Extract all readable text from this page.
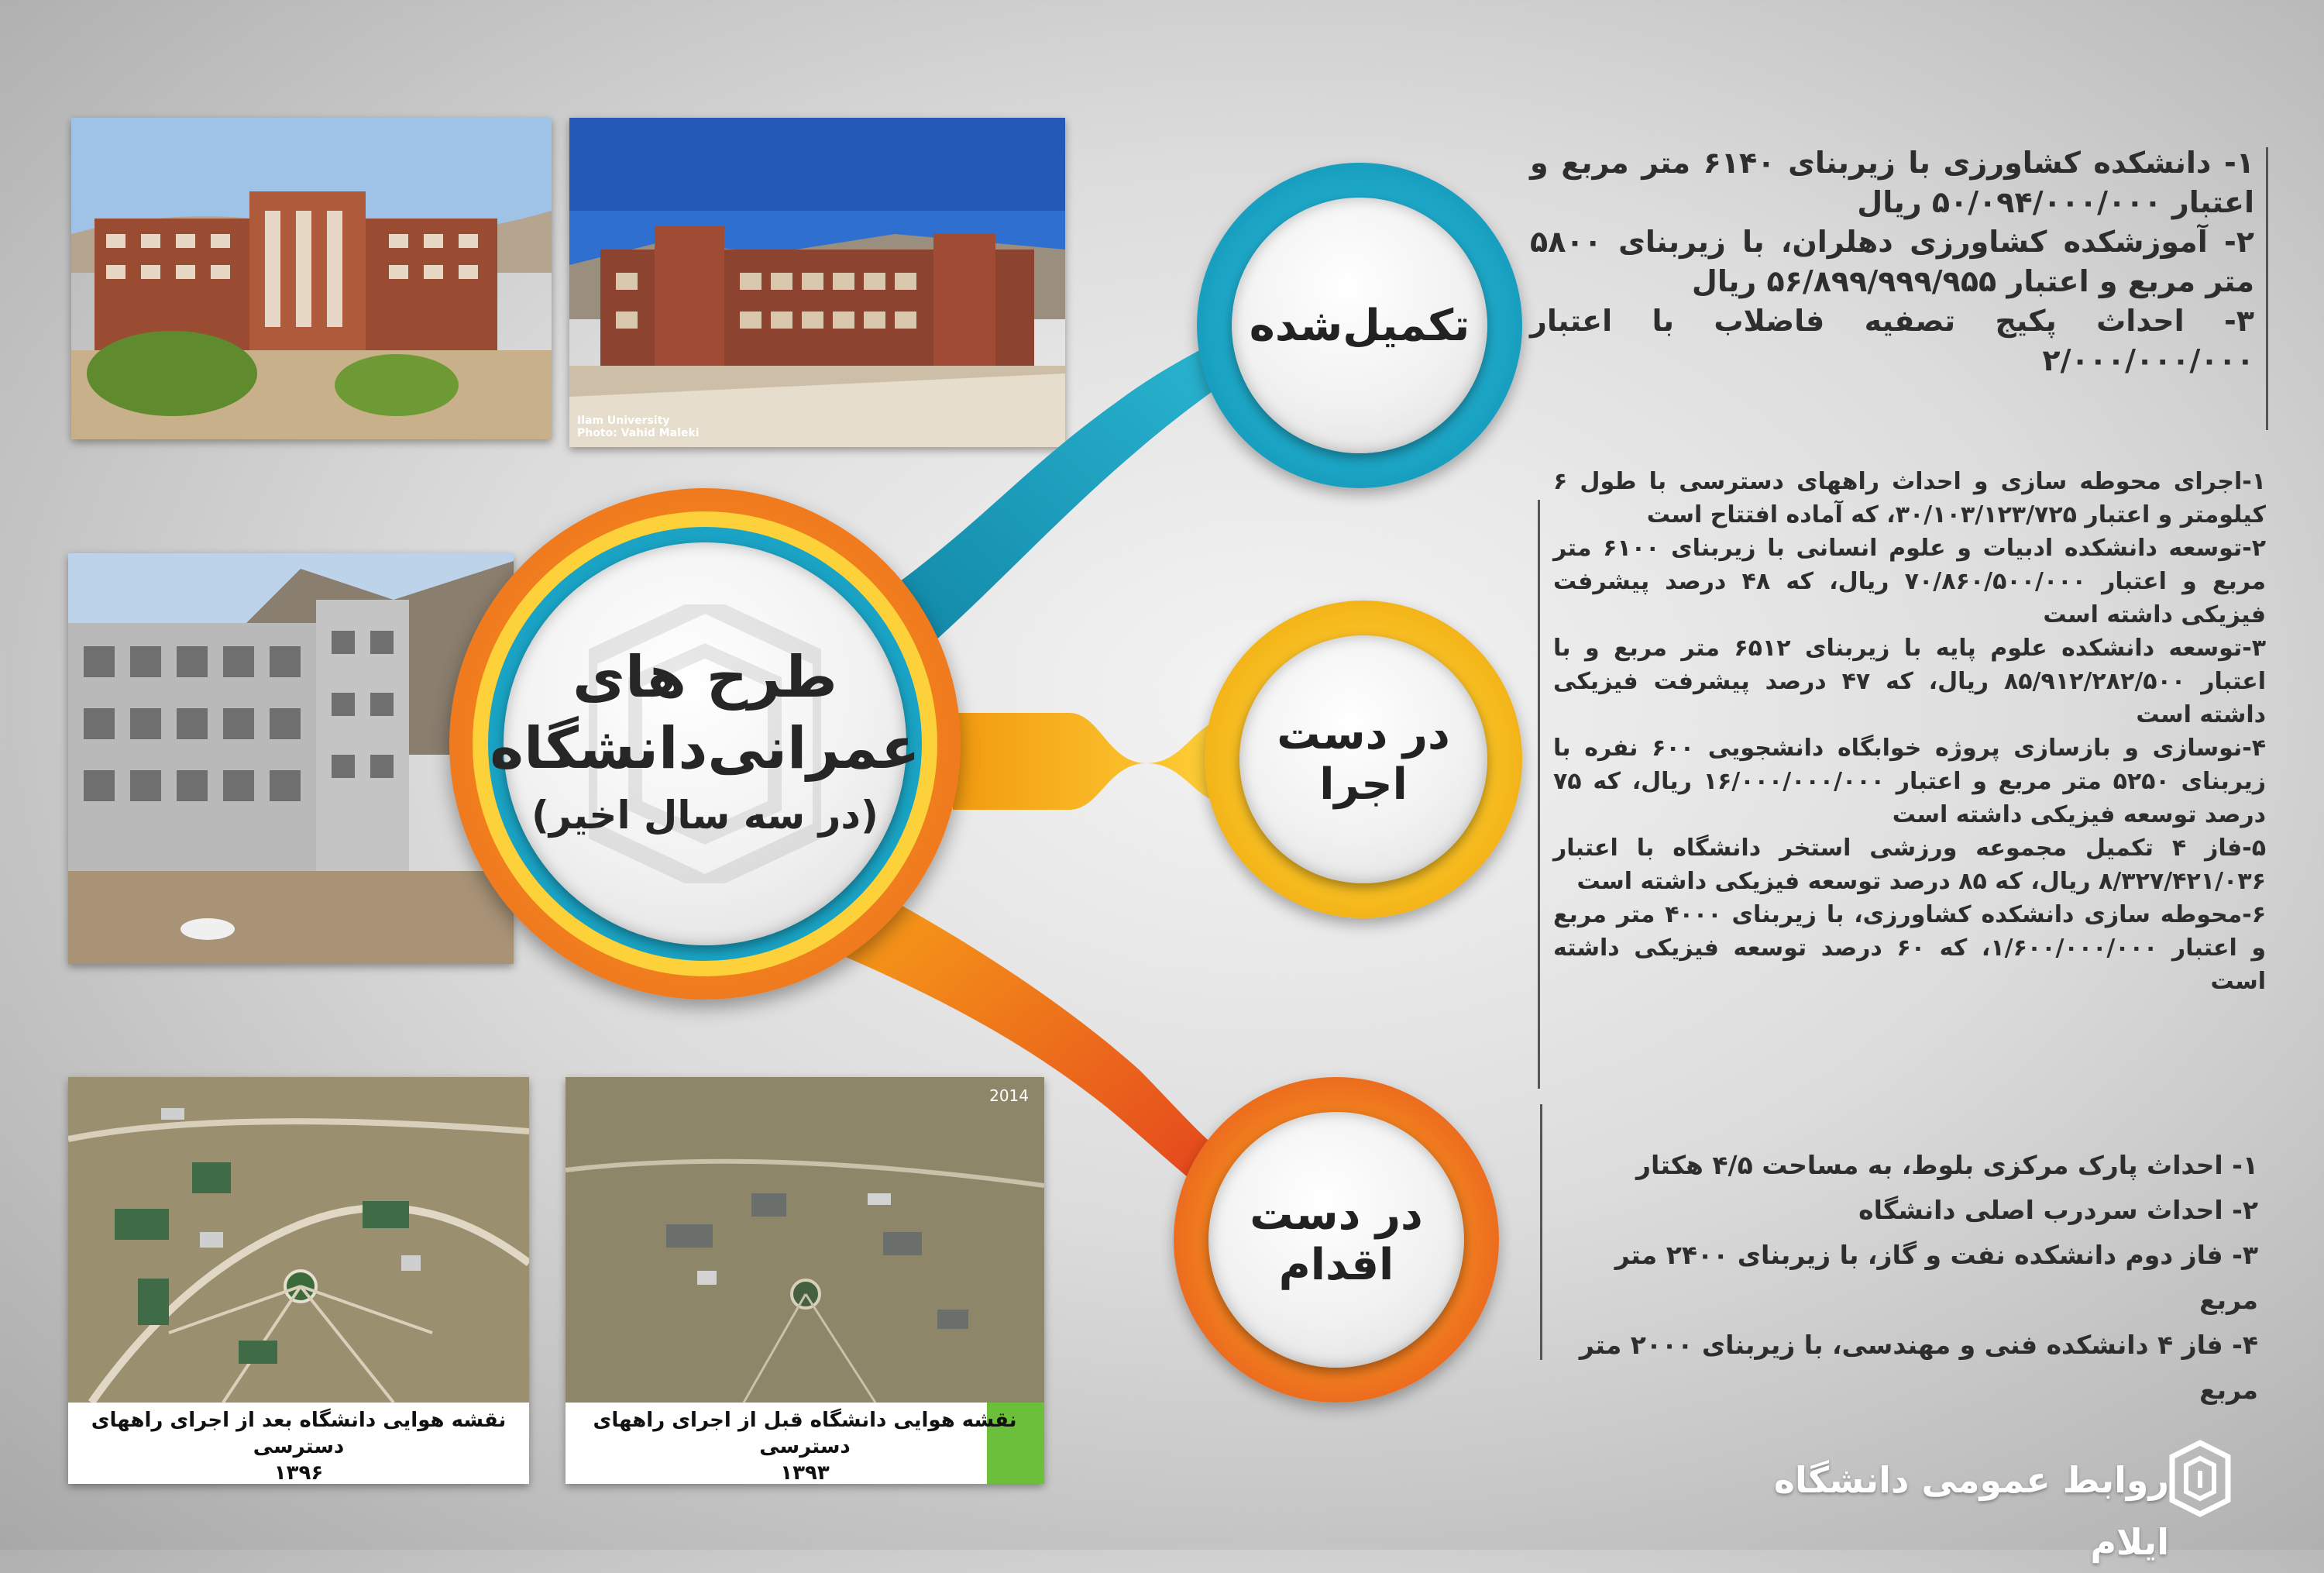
Ilam University
Photo: Vahid Maleki
نقشه هوایی دانشگاه بعد از اجرای راههای دسترسی
۱۳۹۶
2014
نقشه هوایی دانشگاه قبل از اجرای راههای دسترسی
۱۳۹۳
طرح های
عمرانی‌دانشگاه
(در سه سال اخیر)
تکمیل‌شده
در دست اجرا
در دست اقدام

۱- دانشکده کشاورزی با زیربنای ۶۱۴۰ متر مربع و اعتبار ۵۰/۰۹۴/۰۰۰/۰۰۰ ریال

۲- آموزشکده کشاورزی دهلران، با زیربنای ۵۸۰۰ متر مربع و اعتبار ۵۶/۸۹۹/۹۹۹/۹۵۵ ریال

۳- احداث پکیج تصفیه فاضلاب با اعتبار ۲/۰۰۰/۰۰۰/۰۰۰

۱-اجرای محوطه سازی و احداث راههای دسترسی با طول ۶ کیلومتر و اعتبار ۳۰/۱۰۳/۱۲۳/۷۲۵، که آماده افتتاح است

۲-توسعه دانشکده ادبیات و علوم انسانی با زیربنای ۶۱۰۰ متر مربع و اعتبار ۷۰/۸۶۰/۵۰۰/۰۰۰ ریال، که ۴۸ درصد پیشرفت فیزیکی داشته است

۳-توسعه دانشکده علوم پایه با زیربنای ۶۵۱۲ متر مربع و با اعتبار ۸۵/۹۱۲/۲۸۲/۵۰۰ ریال، که ۴۷ درصد پیشرفت فیزیکی داشته است

۴-نوسازی و بازسازی پروژه خوابگاه دانشجویی ۶۰۰ نفره با زیربنای ۵۲۵۰ متر مربع و اعتبار ۱۶/۰۰۰/۰۰۰/۰۰۰ ریال، که ۷۵ درصد توسعه فیزیکی داشته است

۵-فاز ۴ تکمیل مجموعه ورزشی استخر دانشگاه با اعتبار ۸/۳۲۷/۴۲۱/۰۳۶ ریال، که ۸۵ درصد توسعه فیزیکی داشته است

۶-محوطه سازی دانشکده کشاورزی، با زیربنای ۴۰۰۰ متر مربع و اعتبار ۱/۶۰۰/۰۰۰/۰۰۰، که ۶۰ درصد توسعه فیزیکی داشته است

۱- احداث پارک مرکزی بلوط، به مساحت ۴/۵ هکتار

۲- احداث سردرب اصلی دانشگاه

۳- فاز دوم دانشکده نفت و گاز، با زیربنای ۲۴۰۰ متر مربع

۴- فاز ۴ دانشکده فنی و مهندسی، با زیربنای ۲۰۰۰ متر مربع

روابط عمومی دانشگاه ایلام
